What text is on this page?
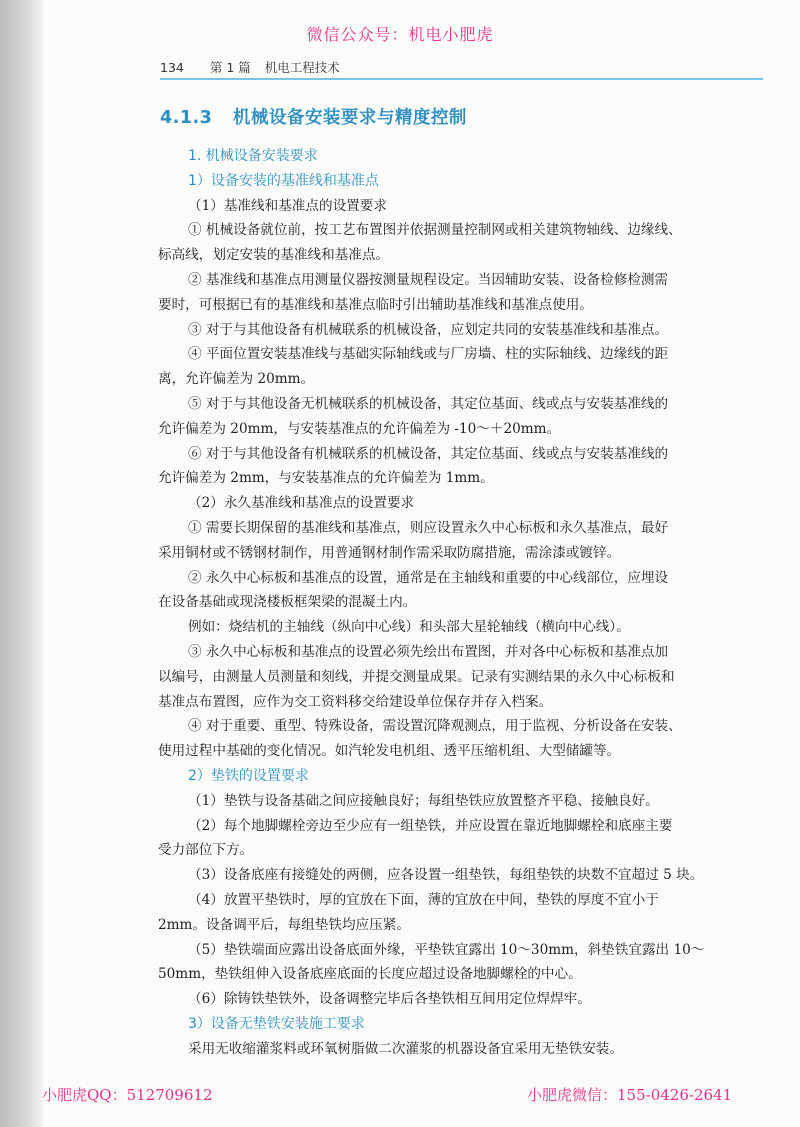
微信公众号：机电小肥虎
134 第 1 篇 机电工程技术
4.1.3 机械设备安装要求与精度控制
1. 机械设备安装要求
1）设备安装的基准线和基准点
（1）基准线和基准点的设置要求
① 机械设备就位前，按工艺布置图并依据测量控制网或相关建筑物轴线、边缘线、
标高线，划定安装的基准线和基准点。
② 基准线和基准点用测量仪器按测量规程设定。当因辅助安装、设备检修检测需
要时，可根据已有的基准线和基准点临时引出辅助基准线和基准点使用。
③ 对于与其他设备有机械联系的机械设备，应划定共同的安装基准线和基准点。
④ 平面位置安装基准线与基础实际轴线或与厂房墙、柱的实际轴线、边缘线的距
离，允许偏差为 20mm。
⑤ 对于与其他设备无机械联系的机械设备，其定位基面、线或点与安装基准线的
允许偏差为 20mm，与安装基准点的允许偏差为 -10～＋20mm。
⑥ 对于与其他设备有机械联系的机械设备，其定位基面、线或点与安装基准线的
允许偏差为 2mm，与安装基准点的允许偏差为 1mm。
（2）永久基准线和基准点的设置要求
① 需要长期保留的基准线和基准点，则应设置永久中心标板和永久基准点，最好
采用铜材或不锈钢材制作，用普通钢材制作需采取防腐措施，需涂漆或镀锌。
② 永久中心标板和基准点的设置，通常是在主轴线和重要的中心线部位，应埋设
在设备基础或现浇楼板框架梁的混凝土内。
例如：烧结机的主轴线（纵向中心线）和头部大星轮轴线（横向中心线）。
③ 永久中心标板和基准点的设置必须先绘出布置图，并对各中心标板和基准点加
以编号，由测量人员测量和刻线，并提交测量成果。记录有实测结果的永久中心标板和
基准点布置图，应作为交工资料移交给建设单位保存并存入档案。
④ 对于重要、重型、特殊设备，需设置沉降观测点，用于监视、分析设备在安装、
使用过程中基础的变化情况。如汽轮发电机组、透平压缩机组、大型储罐等。
2）垫铁的设置要求
（1）垫铁与设备基础之间应接触良好；每组垫铁应放置整齐平稳、接触良好。
（2）每个地脚螺栓旁边至少应有一组垫铁，并应设置在靠近地脚螺栓和底座主要
受力部位下方。
（3）设备底座有接缝处的两侧，应各设置一组垫铁，每组垫铁的块数不宜超过 5 块。
（4）放置平垫铁时，厚的宜放在下面，薄的宜放在中间，垫铁的厚度不宜小于
2mm。设备调平后，每组垫铁均应压紧。
（5）垫铁端面应露出设备底面外缘，平垫铁宜露出 10～30mm，斜垫铁宜露出 10～
50mm，垫铁组伸入设备底座底面的长度应超过设备地脚螺栓的中心。
（6）除铸铁垫铁外，设备调整完毕后各垫铁相互间用定位焊焊牢。
3）设备无垫铁安装施工要求
采用无收缩灌浆料或环氧树脂做二次灌浆的机器设备宜采用无垫铁安装。
小肥虎QQ：512709612	小肥虎微信：155-0426-2641
